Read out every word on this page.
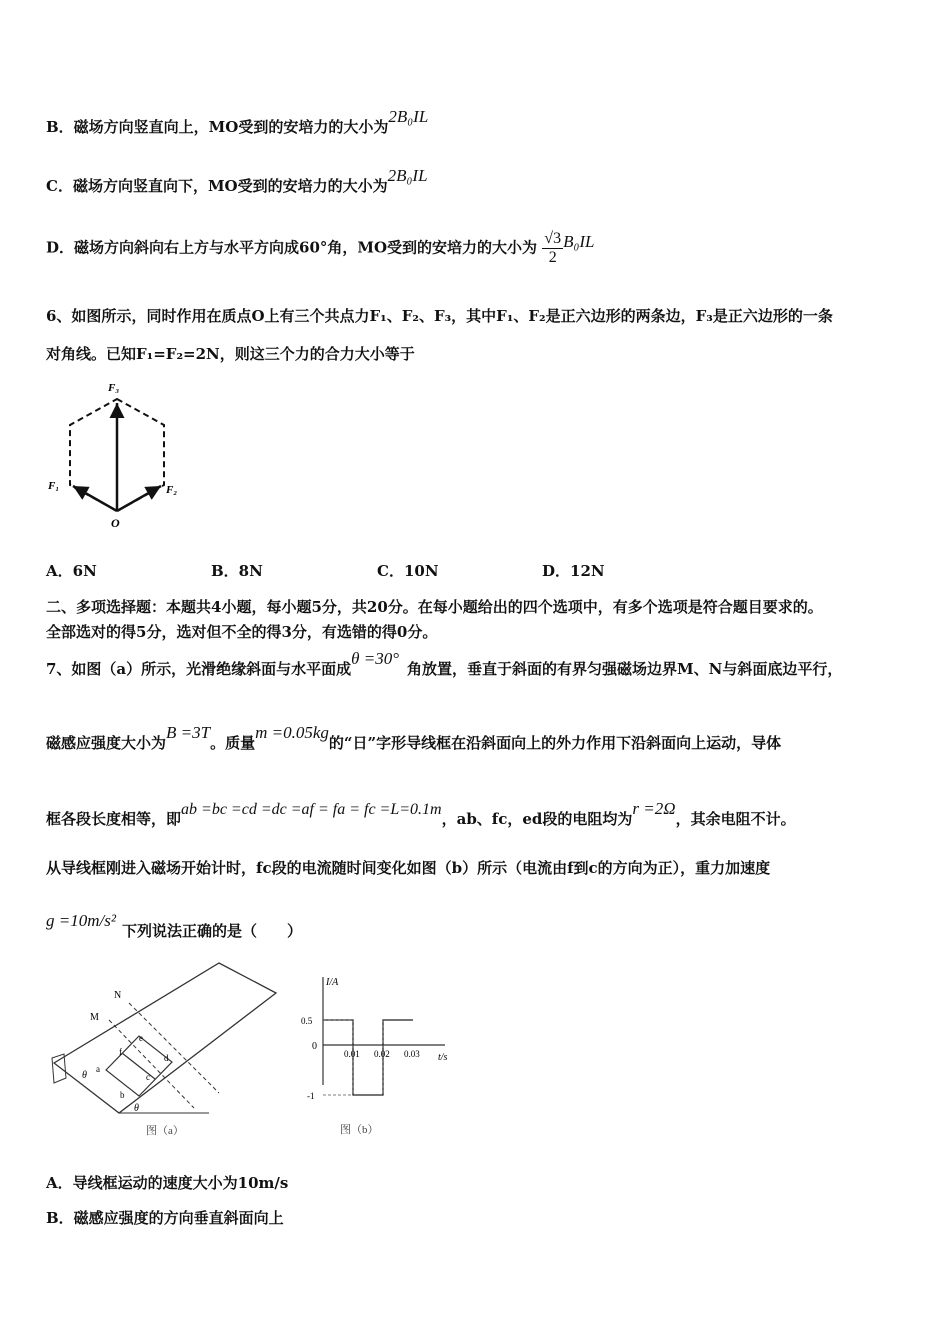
B．磁场方向竖直向上，MO受到的安培力的大小为2B₀IL
C．磁场方向竖直向下，MO受到的安培力的大小为2B₀IL
D．磁场方向斜向右上方与水平方向成60°角，MO受到的安培力的大小为 $\frac{√3}{2} B_0IL$
6、如图所示，同时作用在质点O上有三个共点力F₁、F₂、F₃，其中F₁、F₂是正六边形的两条边，F₃是正六边形的一条
对角线。已知F₁=F₂=2N，则这三个力的合力大小等于
F₃
F₁	F₂
O
A．6N	B．8N	C．10N	D．12N
二、多项选择题：本题共4小题，每小题5分，共20分。在每小题给出的四个选项中，有多个选项是符合题目要求的。
全部选对的得5分，选对但不全的得3分，有选错的得0分。
7、如图（a）所示，光滑绝缘斜面与水平面成θ =30°角放置，垂直于斜面的有界匀强磁场边界M、N与斜面底边平行，
磁感应强度大小为B =3T。质量m =0.05kg的“日”字形导线框在沿斜面向上的外力作用下沿斜面向上运动，导体
框各段长度相等，即ab =bc =cd =dc =af = fa = fc =L=0.1m，ab、fc，ed段的电阻均为r =2Ω，其余电阻不计。
从导线框刚进入磁场开始计时，fc段的电流随时间变化如图（b）所示（电流由f到c的方向为正），重力加速度
g =10m/s²下列说法正确的是（　　）
N
M
a
b
c
d
e
f
θ
θ
图（a）
I/A
t/s
0
0.01 0.02 0.03
0.5
-1
图（b）
A．导线框运动的速度大小为10m/s
B．磁感应强度的方向垂直斜面向上
